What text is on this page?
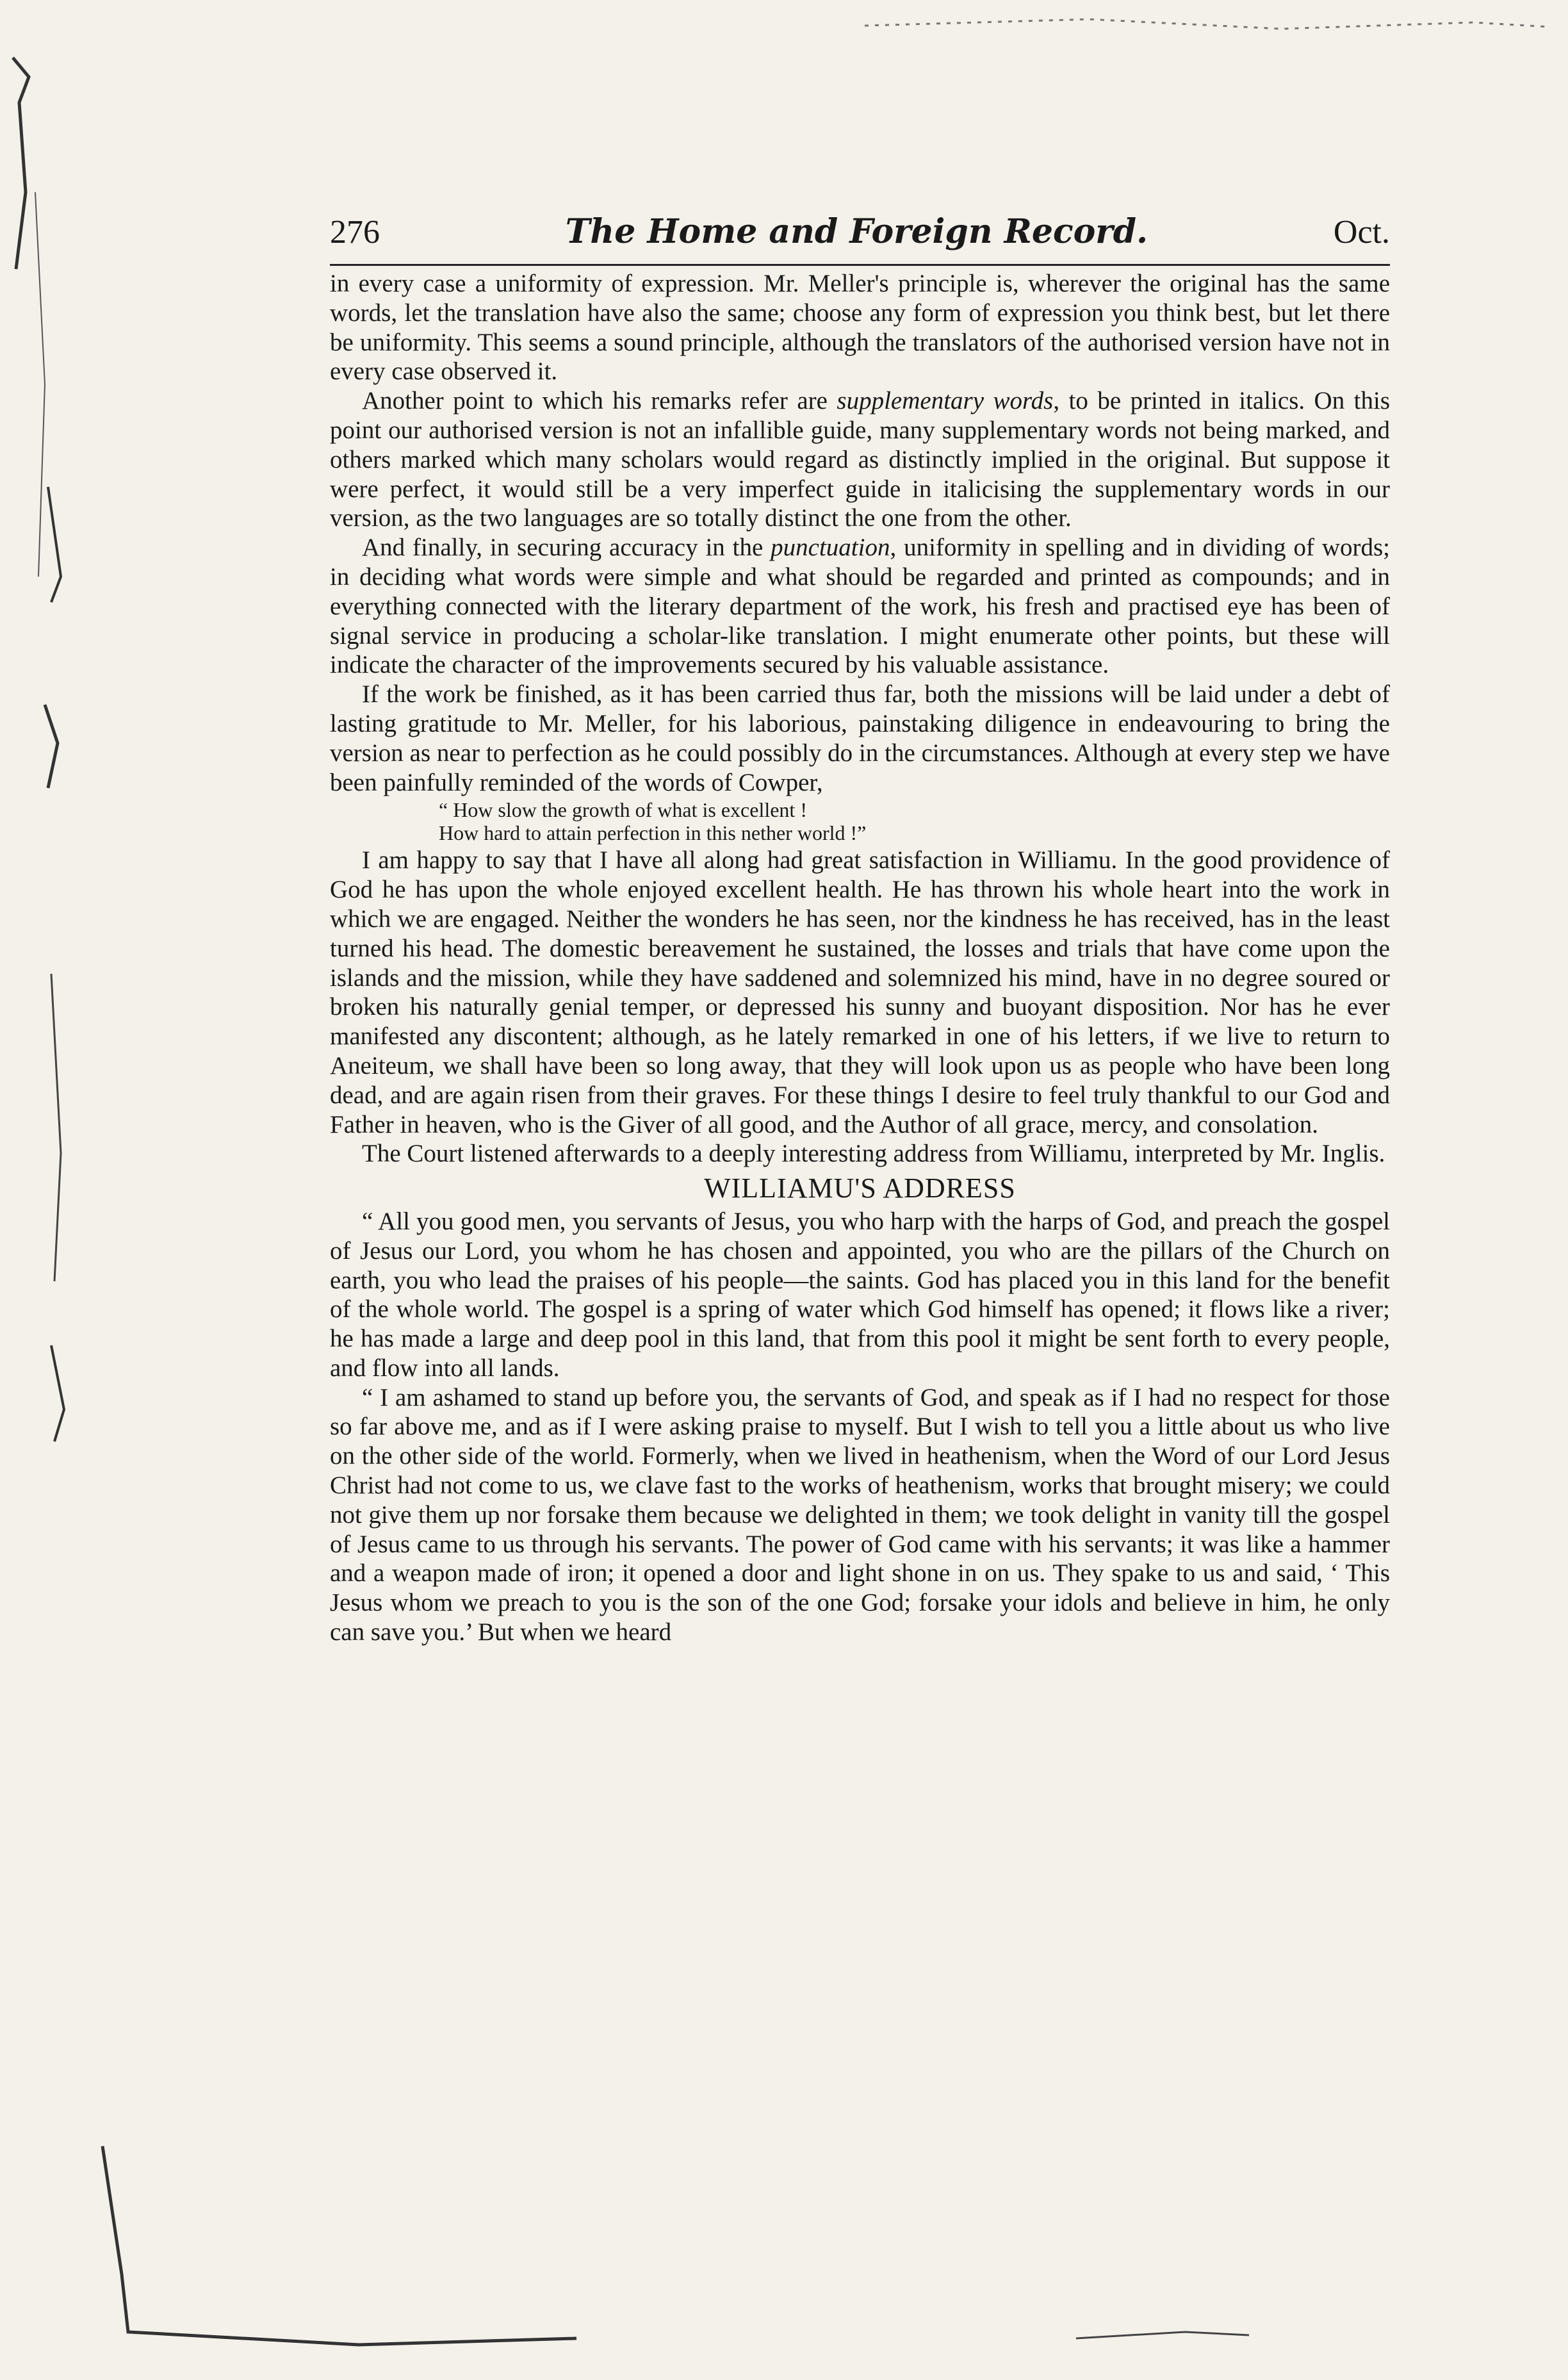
276	The Home and Foreign Record.	Oct.

in every case a uniformity of expression. Mr. Meller's principle is, wherever the original has the same words, let the translation have also the same; choose any form of expression you think best, but let there be uniformity. This seems a sound principle, although the translators of the authorised version have not in every case observed it.

Another point to which his remarks refer are supplementary words, to be printed in italics. On this point our authorised version is not an infallible guide, many supplementary words not being marked, and others marked which many scholars would regard as distinctly implied in the original. But suppose it were perfect, it would still be a very imperfect guide in italicising the supplementary words in our version, as the two languages are so totally distinct the one from the other.

And finally, in securing accuracy in the punctuation, uniformity in spelling and in dividing of words; in deciding what words were simple and what should be regarded and printed as compounds; and in everything connected with the literary department of the work, his fresh and practised eye has been of signal service in producing a scholar-like translation. I might enumerate other points, but these will indicate the character of the improvements secured by his valuable assistance.

If the work be finished, as it has been carried thus far, both the missions will be laid under a debt of lasting gratitude to Mr. Meller, for his laborious, painstaking diligence in endeavouring to bring the version as near to perfection as he could possibly do in the circumstances. Although at every step we have been painfully reminded of the words of Cowper,

“ How slow the growth of what is excellent !
How hard to attain perfection in this nether world !”

I am happy to say that I have all along had great satisfaction in Williamu. In the good providence of God he has upon the whole enjoyed excellent health. He has thrown his whole heart into the work in which we are engaged. Neither the wonders he has seen, nor the kindness he has received, has in the least turned his head. The domestic bereavement he sustained, the losses and trials that have come upon the islands and the mission, while they have saddened and solemnized his mind, have in no degree soured or broken his naturally genial temper, or depressed his sunny and buoyant disposition. Nor has he ever manifested any discontent; although, as he lately remarked in one of his letters, if we live to return to Aneiteum, we shall have been so long away, that they will look upon us as people who have been long dead, and are again risen from their graves. For these things I desire to feel truly thankful to our God and Father in heaven, who is the Giver of all good, and the Author of all grace, mercy, and consolation.

The Court listened afterwards to a deeply interesting address from Williamu, interpreted by Mr. Inglis.

WILLIAMU'S ADDRESS

“ All you good men, you servants of Jesus, you who harp with the harps of God, and preach the gospel of Jesus our Lord, you whom he has chosen and appointed, you who are the pillars of the Church on earth, you who lead the praises of his people—the saints. God has placed you in this land for the benefit of the whole world. The gospel is a spring of water which God himself has opened; it flows like a river; he has made a large and deep pool in this land, that from this pool it might be sent forth to every people, and flow into all lands.

“ I am ashamed to stand up before you, the servants of God, and speak as if I had no respect for those so far above me, and as if I were asking praise to myself. But I wish to tell you a little about us who live on the other side of the world. Formerly, when we lived in heathenism, when the Word of our Lord Jesus Christ had not come to us, we clave fast to the works of heathenism, works that brought misery; we could not give them up nor forsake them because we delighted in them; we took delight in vanity till the gospel of Jesus came to us through his servants. The power of God came with his servants; it was like a hammer and a weapon made of iron; it opened a door and light shone in on us. They spake to us and said, ‘ This Jesus whom we preach to you is the son of the one God; forsake your idols and believe in him, he only can save you.’ But when we heard
